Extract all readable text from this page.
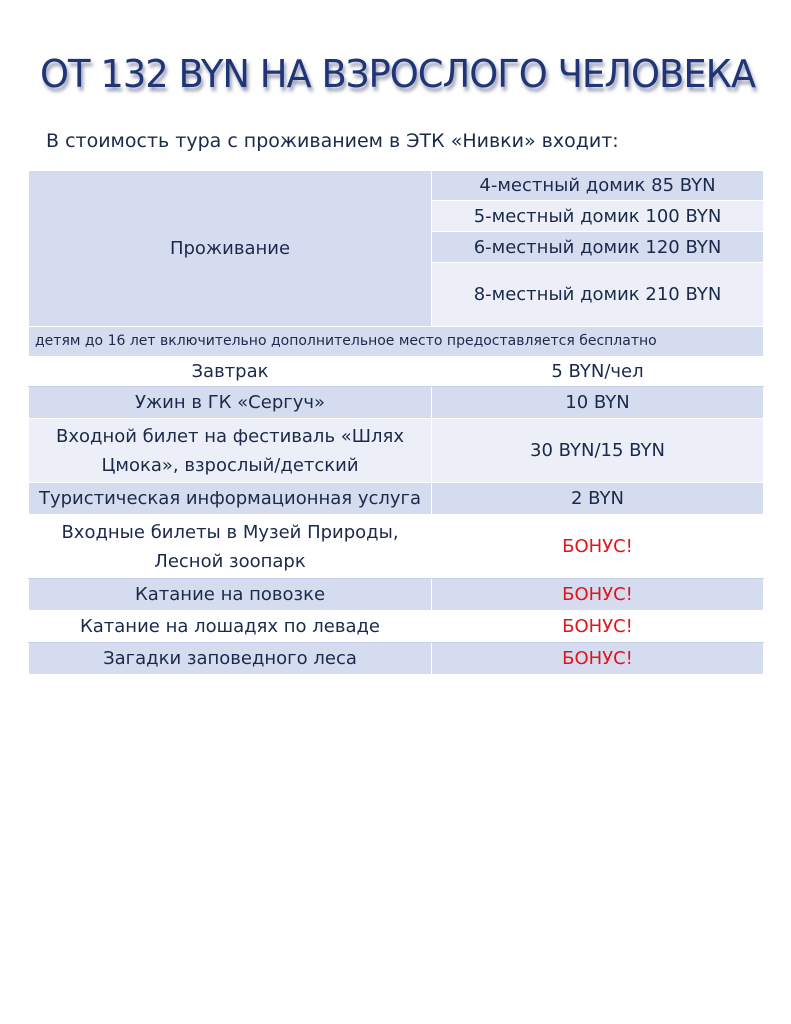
ОТ 132 BYN НА ВЗРОСЛОГО ЧЕЛОВЕКА
В стоимость тура с проживанием в ЭТК «Нивки» входит:
Проживание	4-местный домик 85 BYN
	5-местный домик 100 BYN
	6-местный домик 120 BYN
	8-местный домик 210 BYN
детям до 16 лет включительно дополнительное место предоставляется бесплатно	
Завтрак	5 BYN/чел
Ужин в ГК «Сергуч»	10 BYN
Входной билет на фестиваль «Шлях Цмока», взрослый/детский	30 BYN/15 BYN
Туристическая информационная услуга	2 BYN
Входные билеты в Музей Природы, Лесной зоопарк	БОНУС!
Катание на повозке	БОНУС!
Катание на лошадях по леваде	БОНУС!
Загадки заповедного леса	БОНУС!
